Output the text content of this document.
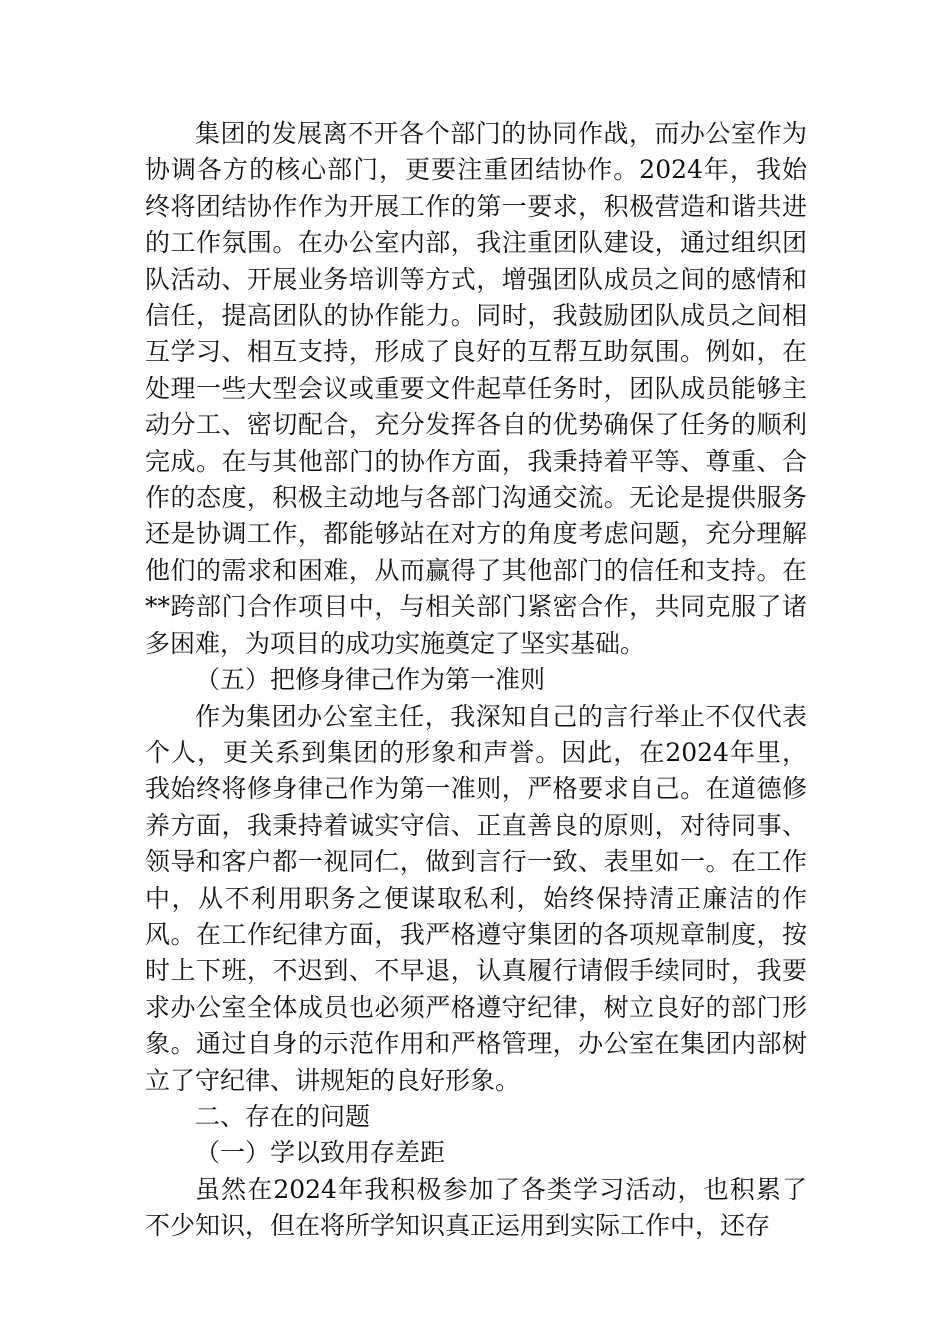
集团的发展离不开各个部门的协同作战，而办公室作为协调各方的核心部门，更要注重团结协作。2024年，我始终将团结协作作为开展工作的第一要求，积极营造和谐共进的工作氛围。在办公室内部，我注重团队建设，通过组织团队活动、开展业务培训等方式，增强团队成员之间的感情和信任，提高团队的协作能力。同时，我鼓励团队成员之间相互学习、相互支持，形成了良好的互帮互助氛围。例如，在处理一些大型会议或重要文件起草任务时，团队成员能够主动分工、密切配合，充分发挥各自的优势确保了任务的顺利完成。在与其他部门的协作方面，我秉持着平等、尊重、合作的态度，积极主动地与各部门沟通交流。无论是提供服务还是协调工作，都能够站在对方的角度考虑问题，充分理解他们的需求和困难，从而赢得了其他部门的信任和支持。在**跨部门合作项目中，与相关部门紧密合作，共同克服了诸多困难，为项目的成功实施奠定了坚实基础。

（五）把修身律己作为第一准则

作为集团办公室主任，我深知自己的言行举止不仅代表个人，更关系到集团的形象和声誉。因此，在2024年里，我始终将修身律己作为第一准则，严格要求自己。在道德修养方面，我秉持着诚实守信、正直善良的原则，对待同事、领导和客户都一视同仁，做到言行一致、表里如一。在工作中，从不利用职务之便谋取私利，始终保持清正廉洁的作风。在工作纪律方面，我严格遵守集团的各项规章制度，按时上下班，不迟到、不早退，认真履行请假手续同时，我要求办公室全体成员也必须严格遵守纪律，树立良好的部门形象。通过自身的示范作用和严格管理，办公室在集团内部树立了守纪律、讲规矩的良好形象。

二、存在的问题

（一）学以致用存差距

虽然在2024年我积极参加了各类学习活动，也积累了不少知识，但在将所学知识真正运用到实际工作中，还存
